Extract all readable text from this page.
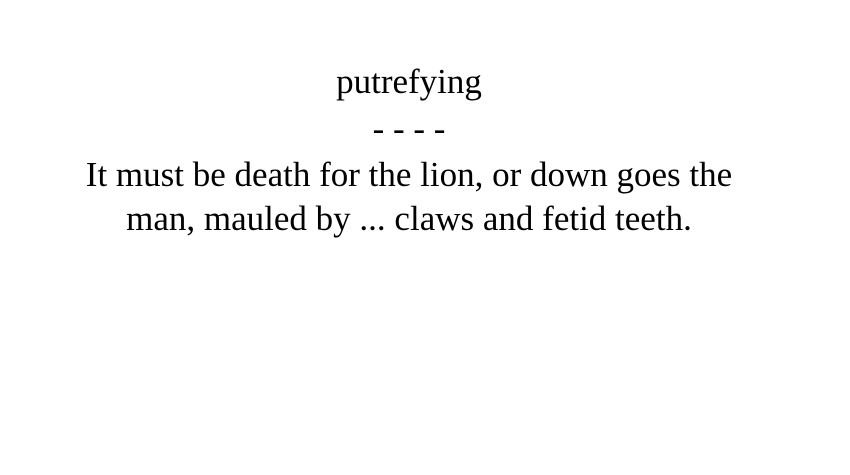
putrefying
- - - -
It must be death for the lion, or down goes the
man, mauled by ... claws and fetid teeth.
